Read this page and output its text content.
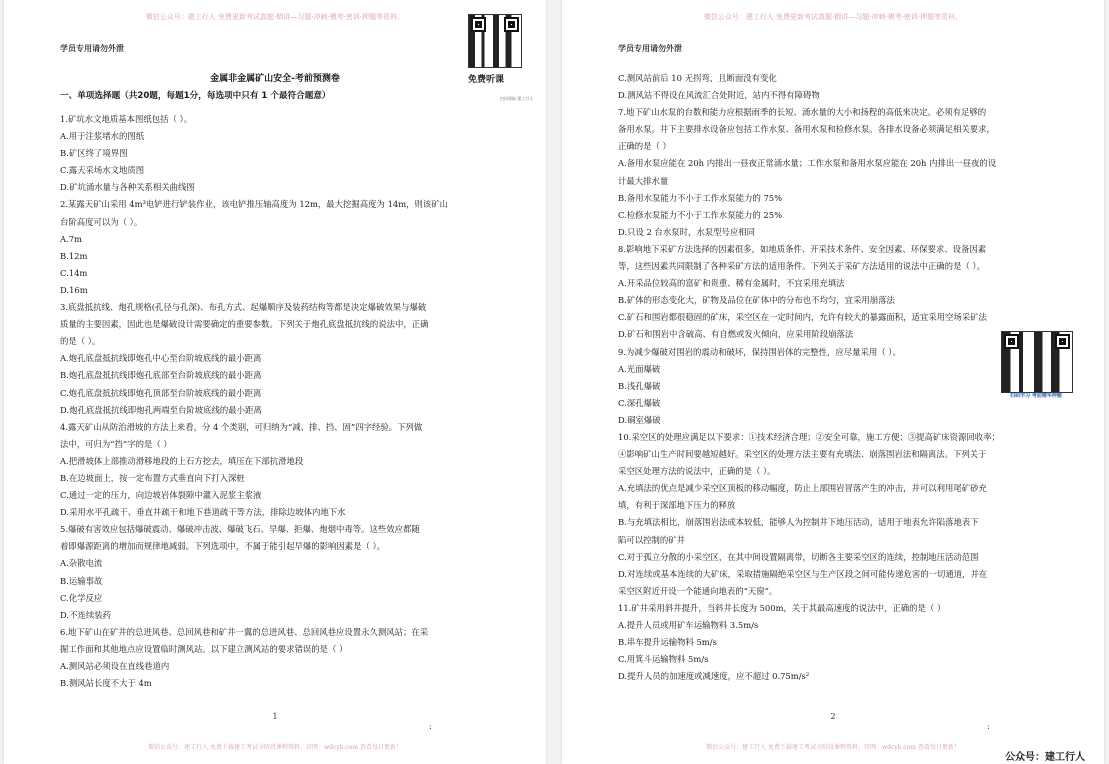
微信公众号：建工行人 免费更新考试真题·精讲—习题·冲刺·模考·密训·押题等资料。
学员专用请勿外泄
免费听课
扫码领取 建工行人
金属非金属矿山安全-考前预测卷
一、单项选择题（共20题，每题1分，每选项中只有 1 个最符合题意）
1.矿坑水文地质基本图纸包括（ ）。
A.用于注浆堵水的图纸
B.矿区终了境界图
C.露天采场水文地质图
D.矿坑涌水量与各种关系相关曲线图
2.某露天矿山采用 4m³电铲进行铲装作业，该电铲推压轴高度为 12m，最大挖掘高度为 14m，则该矿山
台阶高度可以为（ ）。
A.7m
B.12m
C.14m
D.16m
3.底盘抵抗线、炮孔规格(孔径与孔深)、布孔方式、起爆顺序及装药结构等都是决定爆破效果与爆破
质量的主要因素，因此也是爆破设计需要确定的重要参数。下列关于炮孔底盘抵抗线的说法中，正确
的是（ ）。
A.炮孔底盘抵抗线即炮孔中心至台阶坡底线的最小距离
B.炮孔底盘抵抗线即炮孔底部至台阶坡底线的最小距离
C.炮孔底盘抵抗线即炮孔顶部至台阶坡底线的最小距离
D.炮孔底盘抵抗线即炮孔两端至台阶坡底线的最小距离
4.露天矿山从防治滑坡的方法上来看，分 4 个类别，可归纳为“减、排、挡、固”四字经验。下列做
法中，可归为“挡”字的是（ ）
A.把滑坡体上部推动滑移地段的上石方挖去，填压在下部抗滑地段
B.在边坡面上，按一定布置方式垂直向下打入深桩
C.通过一定的压力，向边坡岩体裂隙中灌入泥浆主浆液
D.采用水平孔疏干、垂直井疏干和地下巷道疏干等方法，排除边坡体内地下水
5.爆破有害效应包括爆破震动、爆破冲击波、爆破飞石、早爆、拒爆、炮烟中毒等。这些效应都随
着即爆源距离的增加而规律地减弱。下列选项中，不属于能引起早爆的影响因素是（ ）。
A.杂散电流
B.运输事故
C.化学反应
D.不连续装药
6.地下矿山在矿井的总进风巷、总回风巷和矿井一翼的总进风巷、总回风巷应设置永久测风站；在采
掘工作面和其他地点应设置临时测风站。以下建立测风站的要求错误的是（ ）
A.测风站必须设在直线巷道内
B.测风站长度不大于 4m
1
:
微信公众号：建工行人 免费下载建工考试全阶段课程资料。官网：wdcyk.com 查看每日更新！
微信公众号：建工行人 免费更新考试真题·精讲—习题·冲刺·模考·密训·押题等资料。
学员专用请勿外泄
C.测风站前后 10 无拐弯，且断面没有变化
D.测风站不得设在风流汇合处附近，站内不得有障碍物
7.地下矿山水泵的台数和能力应根据雨季的长短、涌水量的大小和扬程的高低来决定。必须有足够的
备用水泵。井下主要排水设备应包括工作水泵、备用水泵和检修水泵。各排水设备必须满足相关要求，
正确的是（ ）
A.备用水泵应能在 20h 内排出一昼夜正常涌水量；工作水泵和备用水泵应能在 20h 内排出一昼夜的设
计最大排水量
B.备用水泵能力不小于工作水泵能力的 75%
C.检修水泵能力不小于工作水泵能力的 25%
D.只设 2 台水泵时，水泵型号应相同
8.影响地下采矿方法选择的因素很多，如地质条件、开采技术条件、安全因素、环保要求、设备因素
等，这些因素共同限制了各种采矿方法的适用条件。下列关于采矿方法适用的说法中正确的是（ ）。
A.开采品位较高的富矿和贵重、稀有金属时，不宜采用充填法
B.矿体的形态变化大，矿物及品位在矿体中的分布也不均匀，宜采用崩落法
C.矿石和围岩都很稳固的矿床，采空区在一定时间内，允许有较大的暴露面积，适宜采用空场采矿法
D.矿石和围岩中含硫高、有自燃或发火倾向，应采用阶段崩落法
9.为减少爆破对围岩的震动和破坏，保持围岩体的完整性，应尽量采用（ ）。
A.光面爆破
B.浅孔爆破
C.深孔爆破
D.硐室爆破
10.采空区的处理应满足以下要求：①技术经济合理；②安全可靠，施工方便；③提高矿床资源回收率；
④影响矿山生产时间要越短越好。采空区的处理方法主要有充填法、崩落围岩法和隔离法。下列关于
采空区处理方法的说法中，正确的是（ ）。
A.充填法的优点是减少采空区顶板的移动幅度，防止上部围岩冒落产生的冲击，并可以利用尾矿砂充
填，有利于深部地下压力的释放
B.与充填法相比，崩落围岩法成本较低，能够人为控制井下地压活动，适用于地表允许陷落地表下
陷可以控制的矿井
C.对于孤立分散的小采空区，在其中间设置隔离带，切断各主要采空区的连续，控制地压活动范围
D.对连续或基本连续的大矿床，采取措施隔绝采空区与生产区段之间可能传递危害的一切通道，并在
采空区附近开设一个能通向地表的“天窗”。
11.矿井采用斜井提升，当斜井长度为 500m，关于其最高速度的说法中，正确的是（ ）
A.提升人员或用矿车运输物料 3.5m/s
B.串车提升运输物料 5m/s
C.用箕斗运输物料 5m/s
D.提升人员的加速度或减速度，应不超过 0.75m/s²
2
:
微信公众号：建工行人 免费下载建工考试全阶段课程资料。官网：wdcyk.com 查看每日更新！
扫码学习 考前精华押题
公众号：建工行人
